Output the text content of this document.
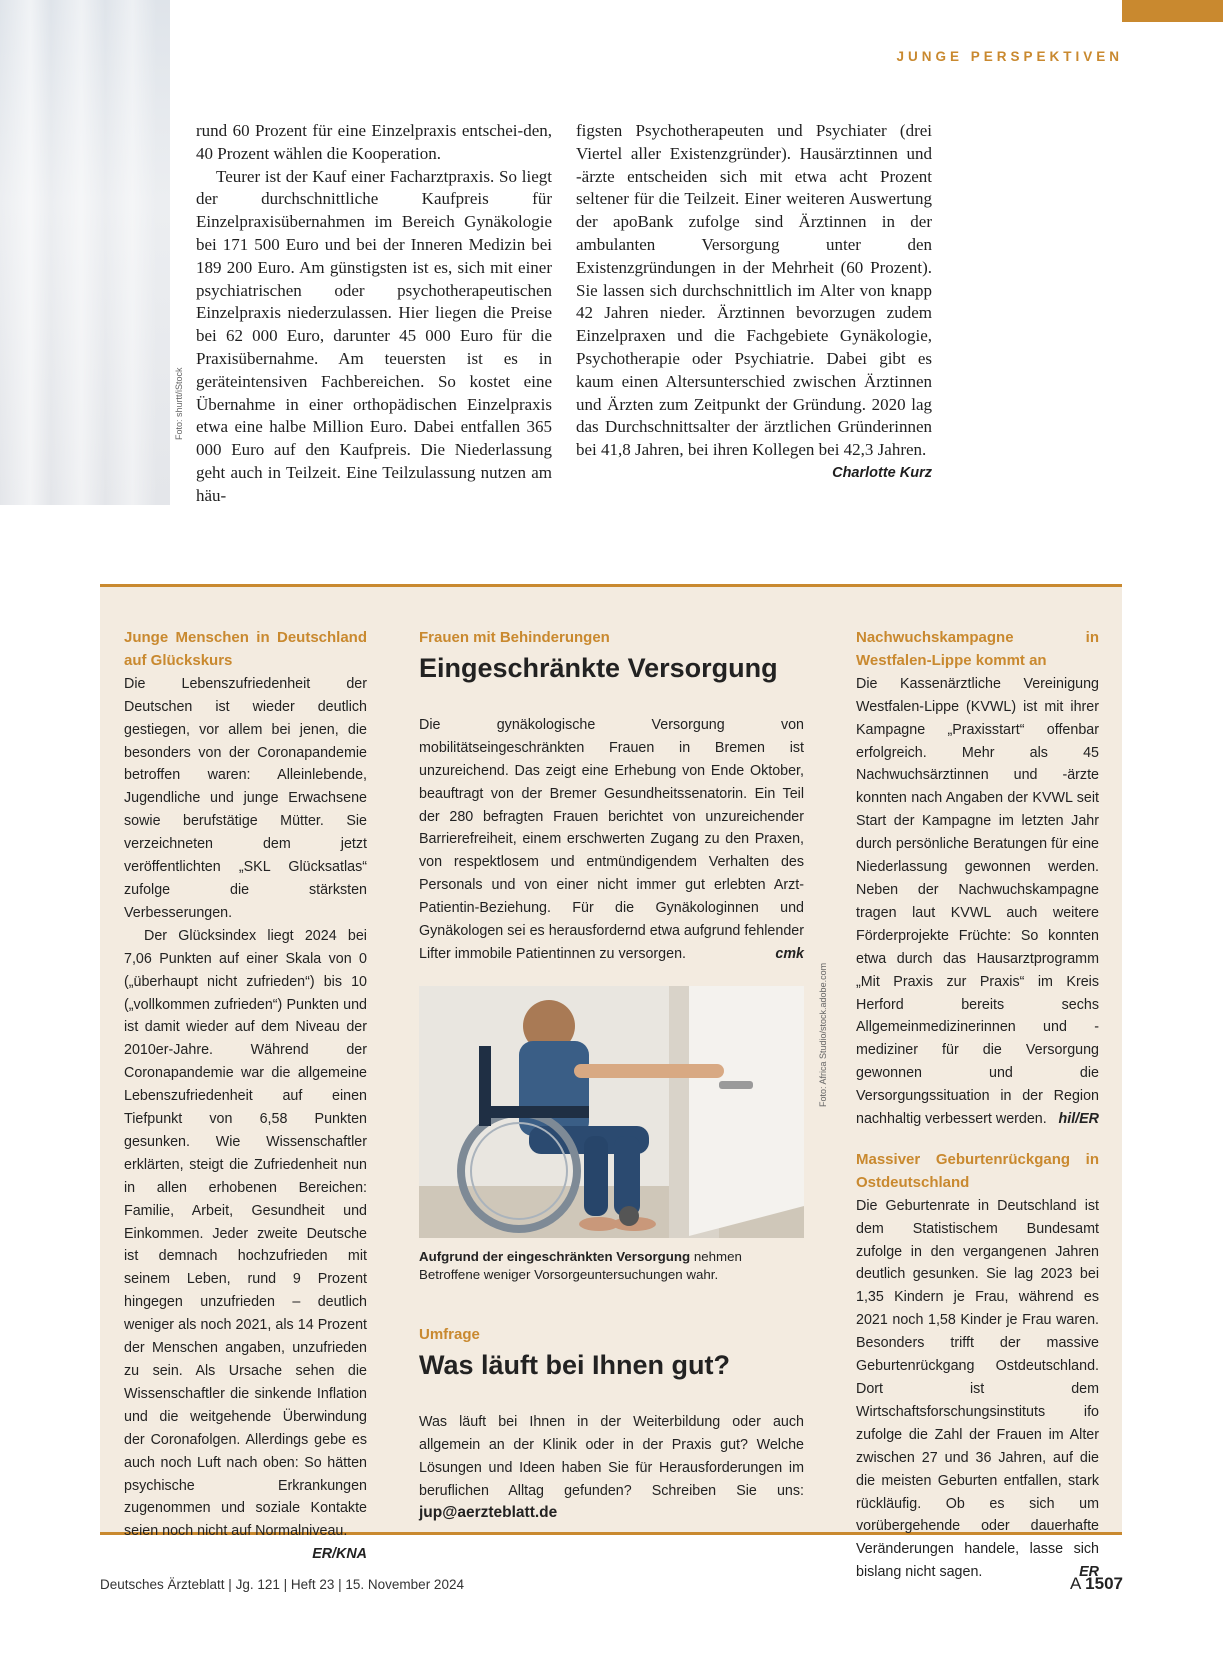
JUNGE PERSPEKTIVEN
Foto: shurtt/iStock

rund 60 Prozent für eine Einzelpraxis entschei-den, 40 Prozent wählen die Kooperation.

Teurer ist der Kauf einer Facharztpraxis. So liegt der durchschnittliche Kaufpreis für Einzelpraxisübernahmen im Bereich Gynäkologie bei 171 500 Euro und bei der Inneren Medizin bei 189 200 Euro. Am günstigsten ist es, sich mit einer psychiatrischen oder psychotherapeutischen Einzelpraxis niederzulassen. Hier liegen die Preise bei 62 000 Euro, darunter 45 000 Euro für die Praxisübernahme. Am teuersten ist es in geräteintensiven Fachbereichen. So kostet eine Übernahme in einer orthopädischen Einzelpraxis etwa eine halbe Million Euro. Dabei entfallen 365 000 Euro auf den Kaufpreis. Die Niederlassung geht auch in Teilzeit. Eine Teilzulassung nutzen am häu-

figsten Psychotherapeuten und Psychiater (drei Viertel aller Existenzgründer). Hausärztinnen und -ärzte entscheiden sich mit etwa acht Prozent seltener für die Teilzeit. Einer weiteren Auswertung der apoBank zufolge sind Ärztinnen in der ambulanten Versorgung unter den Existenzgründungen in der Mehrheit (60 Prozent). Sie lassen sich durchschnittlich im Alter von knapp 42 Jahren nieder. Ärztinnen bevorzugen zudem Einzelpraxen und die Fachgebiete Gynäkologie, Psychotherapie oder Psychiatrie. Dabei gibt es kaum einen Altersunterschied zwischen Ärztinnen und Ärzten zum Zeitpunkt der Gründung. 2020 lag das Durchschnittsalter der ärztlichen Gründerinnen bei 41,8 Jahren, bei ihren Kollegen bei 42,3 Jahren.
Charlotte Kurz

Junge Menschen in Deutschland auf Glückskurs

Die Lebenszufriedenheit der Deutschen ist wieder deutlich gestiegen, vor allem bei jenen, die besonders von der Coronapandemie betroffen waren: Alleinlebende, Jugendliche und junge Erwachsene sowie berufstätige Mütter. Sie verzeichneten dem jetzt veröffentlichten „SKL Glücksatlas“ zufolge die stärksten Verbesserungen.

Der Glücksindex liegt 2024 bei 7,06 Punkten auf einer Skala von 0 („überhaupt nicht zufrieden“) bis 10 („vollkommen zufrieden“) Punkten und ist damit wieder auf dem Niveau der 2010er-Jahre. Während der Coronapandemie war die allgemeine Lebenszufriedenheit auf einen Tiefpunkt von 6,58 Punkten gesunken. Wie Wissenschaftler erklärten, steigt die Zufriedenheit nun in allen erhobenen Bereichen: Familie, Arbeit, Gesundheit und Einkommen. Jeder zweite Deutsche ist demnach hochzufrieden mit seinem Leben, rund 9 Prozent hingegen unzufrieden – deutlich weniger als noch 2021, als 14 Prozent der Menschen angaben, unzufrieden zu sein. Als Ursache sehen die Wissenschaftler die sinkende Inflation und die weitgehende Überwindung der Coronafolgen. Allerdings gebe es auch noch Luft nach oben: So hätten psychische Erkrankungen zugenommen und soziale Kontakte seien noch nicht auf Normalniveau.
ER/KNA

Frauen mit Behinderungen

Eingeschränkte Versorgung

Die gynäkologische Versorgung von mobilitätseingeschränkten Frauen in Bremen ist unzureichend. Das zeigt eine Erhebung von Ende Oktober, beauftragt von der Bremer Gesundheitssenatorin. Ein Teil der 280 befragten Frauen berichtet von unzureichender Barrierefreiheit, einem erschwerten Zugang zu den Praxen, von respektlosem und entmündigendem Verhalten des Personals und von einer nicht immer gut erlebten Arzt-Patientin-Beziehung. Für die Gynäkologinnen und Gynäkologen sei es herausfordernd etwa aufgrund fehlender Lifter immobile Patientinnen zu versorgen.	cmk

Aufgrund der eingeschränkten Versorgung nehmen Betroffene weniger Vorsorgeuntersuchungen wahr.

Umfrage

Was läuft bei Ihnen gut?

Was läuft bei Ihnen in der Weiterbildung oder auch allgemein an der Klinik oder in der Praxis gut? Welche Lösungen und Ideen haben Sie für Herausforderungen im beruflichen Alltag gefunden? Schreiben Sie uns: jup@aerzteblatt.de

Foto: Africa Studio/stock.adobe.com

Nachwuchskampagne in Westfalen-Lippe kommt an

Die Kassenärztliche Vereinigung Westfalen-Lippe (KVWL) ist mit ihrer Kampagne „Praxisstart“ offenbar erfolgreich. Mehr als 45 Nachwuchsärztinnen und -ärzte konnten nach Angaben der KVWL seit Start der Kampagne im letzten Jahr durch persönliche Beratungen für eine Niederlassung gewonnen werden. Neben der Nachwuchskampagne tragen laut KVWL auch weitere Förderprojekte Früchte: So konnten etwa durch das Hausarztprogramm „Mit Praxis zur Praxis“ im Kreis Herford bereits sechs Allgemeinmedizinerinnen und -mediziner für die Versorgung gewonnen und die Versorgungssituation in der Region nachhaltig verbessert werden. hil/ER

Massiver Geburtenrückgang in Ostdeutschland

Die Geburtenrate in Deutschland ist dem Statistischem Bundesamt zufolge in den vergangenen Jahren deutlich gesunken. Sie lag 2023 bei 1,35 Kindern je Frau, während es 2021 noch 1,58 Kinder je Frau waren. Besonders trifft der massive Geburtenrückgang Ostdeutschland. Dort ist dem Wirtschaftsforschungsinstituts ifo zufolge die Zahl der Frauen im Alter zwischen 27 und 36 Jahren, auf die die meisten Geburten entfallen, stark rückläufig. Ob es sich um vorübergehende oder dauerhafte Veränderungen handele, lasse sich bislang nicht sagen.	ER

Deutsches Ärzteblatt | Jg. 121 | Heft 23 | 15. November 2024	A 1507
